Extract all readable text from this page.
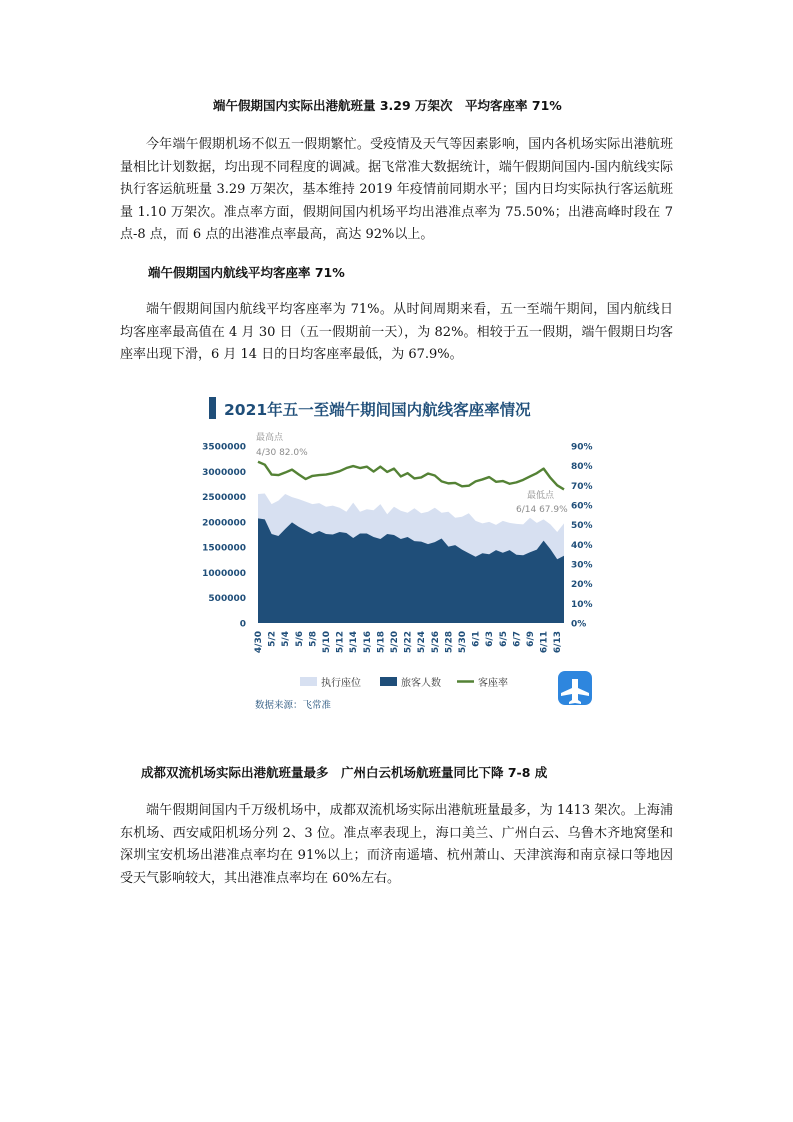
端午假期国内实际出港航班量 3.29 万架次　平均客座率 71%

今年端午假期机场不似五一假期繁忙。受疫情及天气等因素影响，国内各机场实际出港航班量相比计划数据，均出现不同程度的调减。据飞常准大数据统计，端午假期间国内-国内航线实际执行客运航班量 3.29 万架次，基本维持 2019 年疫情前同期水平；国内日均实际执行客运航班量 1.10 万架次。准点率方面，假期间国内机场平均出港准点率为 75.50%；出港高峰时段在 7 点-8 点，而 6 点的出港准点率最高，高达 92%以上。

端午假期国内航线平均客座率 71%

端午假期间国内航线平均客座率为 71%。从时间周期来看，五一至端午期间，国内航线日均客座率最高值在 4 月 30 日（五一假期前一天），为 82%。相较于五一假期，端午假期日均客座率出现下滑，6 月 14 日的日均客座率最低，为 67.9%。

2021年五一至端午期间国内航线客座率情况
0
500000
1000000
1500000
2000000
2500000
3000000
3500000
0%
10%
20%
30%
40%
50%
60%
70%
80%
90%
4/30 5/2 5/4 5/6 5/8 5/10 5/12 5/14 5/16 5/18 5/20 5/22 5/24 5/26 5/28 5/30 6/1 6/3 6/5 6/7 6/9 6/11 6/13
最高点
4/30 82.0%
最低点
6/14 67.9%
执行座位	旅客人数	客座率
数据来源：飞常准
成都双流机场实际出港航班量最多　广州白云机场航班量同比下降 7-8 成

端午假期间国内千万级机场中，成都双流机场实际出港航班量最多，为 1413 架次。上海浦东机场、西安咸阳机场分列 2、3 位。准点率表现上，海口美兰、广州白云、乌鲁木齐地窝堡和深圳宝安机场出港准点率均在 91%以上；而济南遥墙、杭州萧山、天津滨海和南京禄口等地因受天气影响较大，其出港准点率均在 60%左右。
